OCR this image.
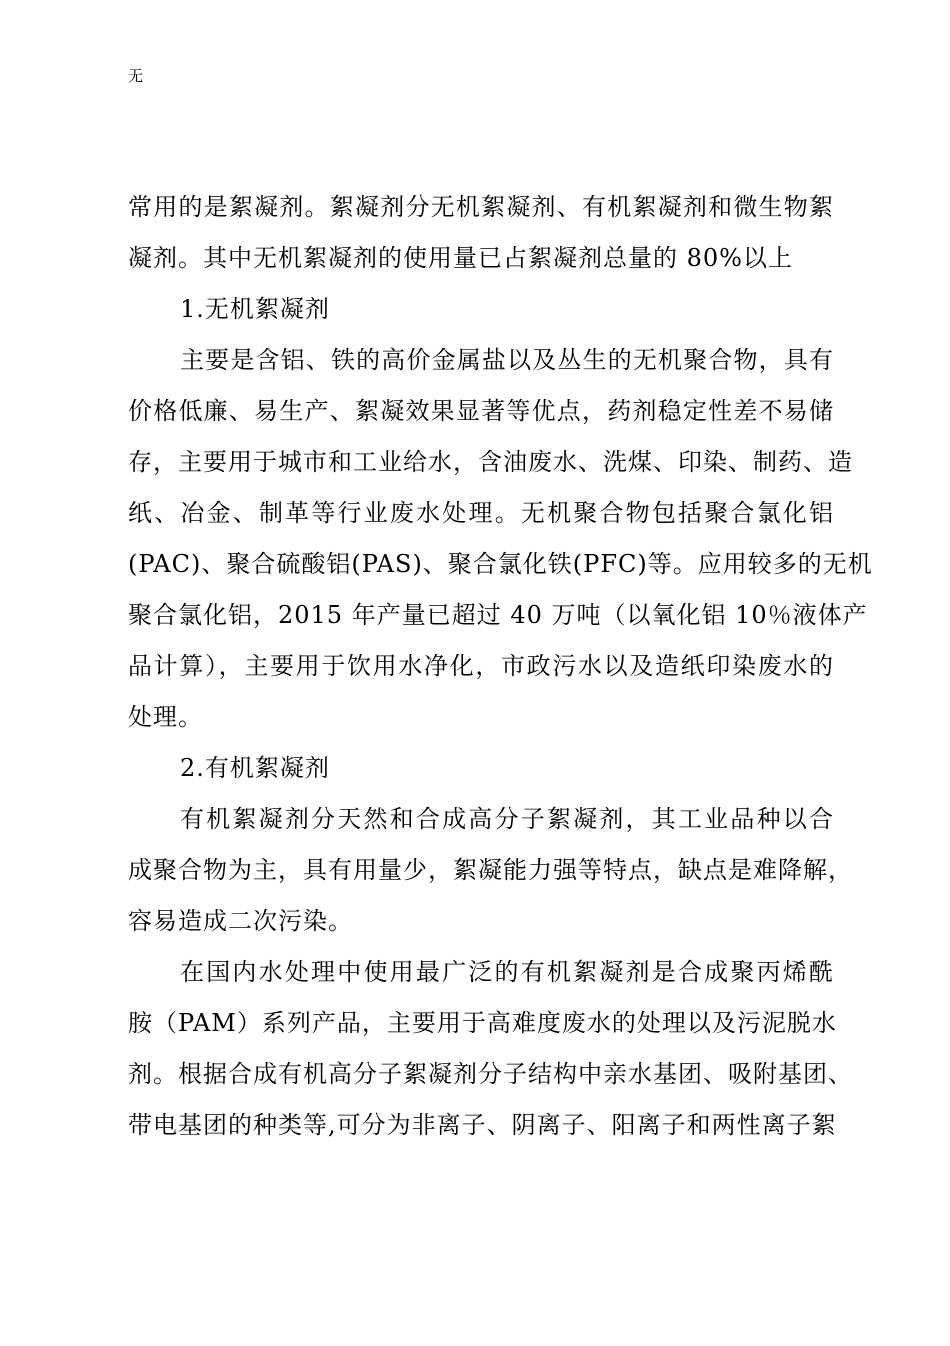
无

常用的是絮凝剂。絮凝剂分无机絮凝剂、有机絮凝剂和微生物絮
凝剂。其中无机絮凝剂的使用量已占絮凝剂总量的 80%以上
1.无机絮凝剂
主要是含铝、铁的高价金属盐以及丛生的无机聚合物，具有
价格低廉、易生产、絮凝效果显著等优点，药剂稳定性差不易储
存，主要用于城市和工业给水，含油废水、洗煤、印染、制药、造
纸、冶金、制革等行业废水处理。无机聚合物包括聚合氯化铝
(PAC)、聚合硫酸铝(PAS)、聚合氯化铁(PFC)等。应用较多的无机
聚合氯化铝，2015 年产量已超过 40 万吨（以氧化铝 10％液体产
品计算），主要用于饮用水净化，市政污水以及造纸印染废水的
处理。
2.有机絮凝剂
有机絮凝剂分天然和合成高分子絮凝剂，其工业品种以合
成聚合物为主，具有用量少，絮凝能力强等特点，缺点是难降解，
容易造成二次污染。
在国内水处理中使用最广泛的有机絮凝剂是合成聚丙烯酰
胺（PAM）系列产品，主要用于高难度废水的处理以及污泥脱水
剂。根据合成有机高分子絮凝剂分子结构中亲水基团、吸附基团、
带电基团的种类等,可分为非离子、阴离子、阳离子和两性离子絮
